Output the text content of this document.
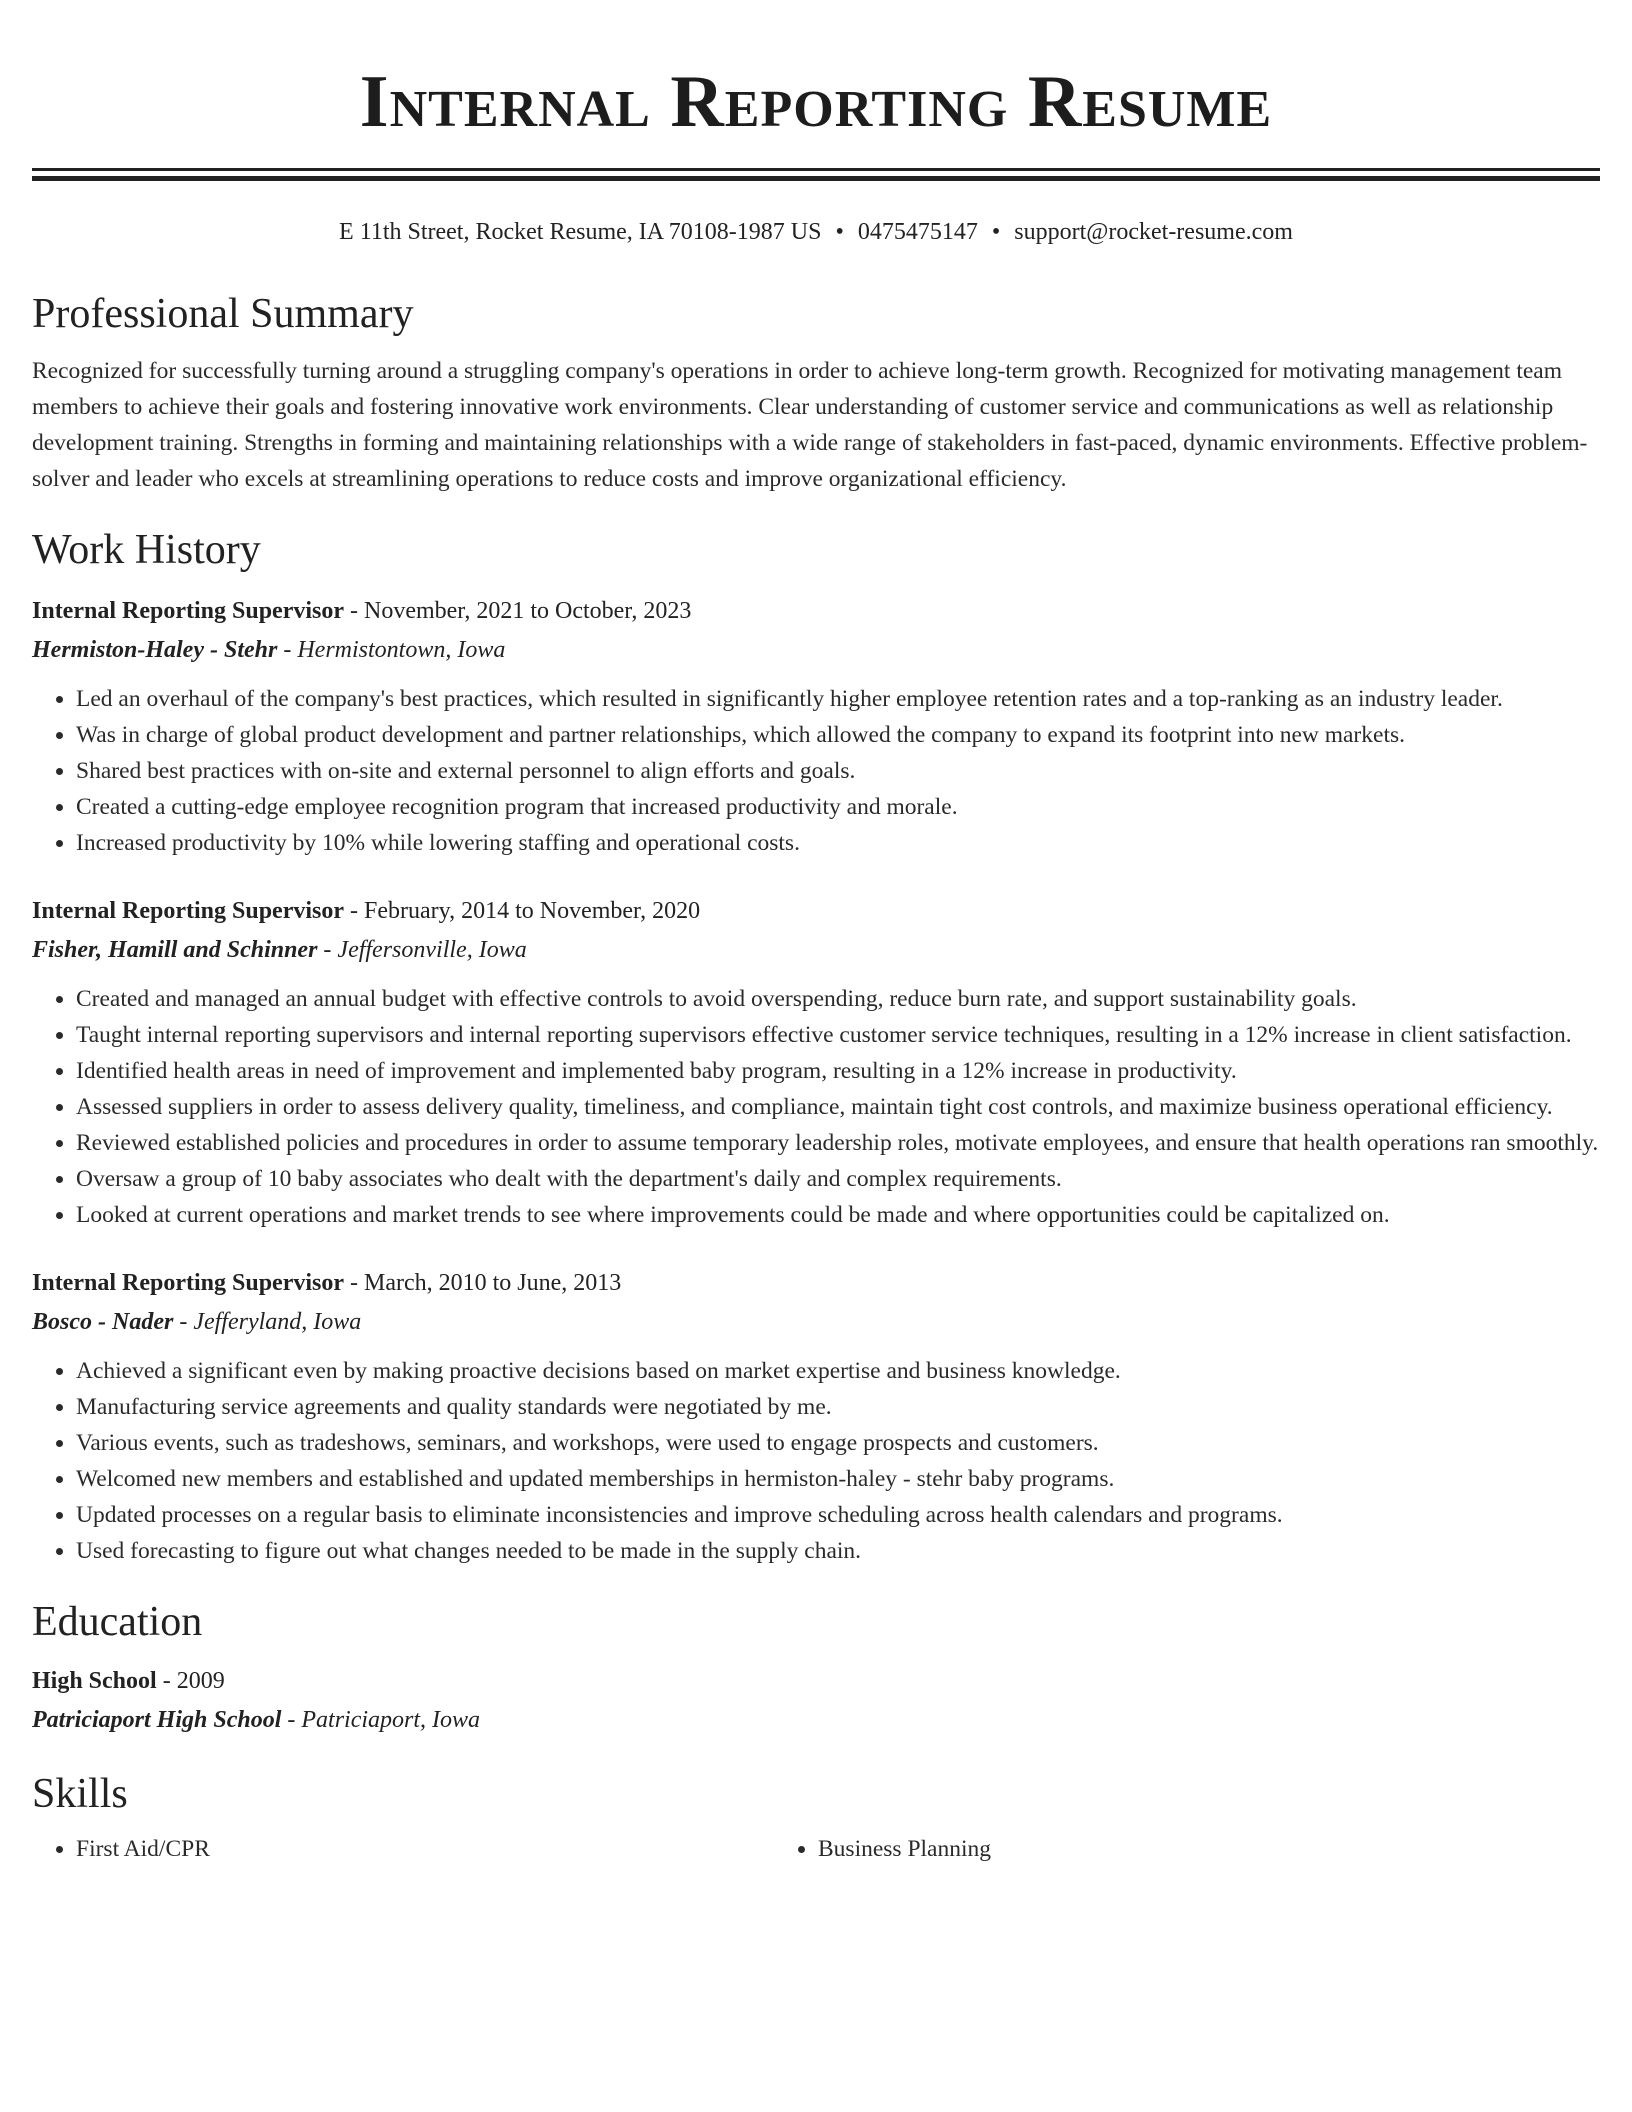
Internal Reporting Resume
E 11th Street, Rocket Resume, IA 70108-1987 US • 0475475147 • support@rocket-resume.com
Professional Summary

Recognized for successfully turning around a struggling company's operations in order to achieve long-term growth. Recognized for motivating management team members to achieve their goals and fostering innovative work environments. Clear understanding of customer service and communications as well as relationship development training. Strengths in forming and maintaining relationships with a wide range of stakeholders in fast-paced, dynamic environments. Effective problem-solver and leader who excels at streamlining operations to reduce costs and improve organizational efficiency.

Work History
Internal Reporting Supervisor - November, 2021 to October, 2023
Hermiston-Haley - Stehr - Hermistontown, Iowa
• Led an overhaul of the company's best practices, which resulted in significantly higher employee retention rates and a top-ranking as an industry leader.
• Was in charge of global product development and partner relationships, which allowed the company to expand its footprint into new markets.
• Shared best practices with on-site and external personnel to align efforts and goals.
• Created a cutting-edge employee recognition program that increased productivity and morale.
• Increased productivity by 10% while lowering staffing and operational costs.
Internal Reporting Supervisor - February, 2014 to November, 2020
Fisher, Hamill and Schinner - Jeffersonville, Iowa
• Created and managed an annual budget with effective controls to avoid overspending, reduce burn rate, and support sustainability goals.
• Taught internal reporting supervisors and internal reporting supervisors effective customer service techniques, resulting in a 12% increase in client satisfaction.
• Identified health areas in need of improvement and implemented baby program, resulting in a 12% increase in productivity.
• Assessed suppliers in order to assess delivery quality, timeliness, and compliance, maintain tight cost controls, and maximize business operational efficiency.
• Reviewed established policies and procedures in order to assume temporary leadership roles, motivate employees, and ensure that health operations ran smoothly.
• Oversaw a group of 10 baby associates who dealt with the department's daily and complex requirements.
• Looked at current operations and market trends to see where improvements could be made and where opportunities could be capitalized on.
Internal Reporting Supervisor - March, 2010 to June, 2013
Bosco - Nader - Jefferyland, Iowa
• Achieved a significant even by making proactive decisions based on market expertise and business knowledge.
• Manufacturing service agreements and quality standards were negotiated by me.
• Various events, such as tradeshows, seminars, and workshops, were used to engage prospects and customers.
• Welcomed new members and established and updated memberships in hermiston-haley - stehr baby programs.
• Updated processes on a regular basis to eliminate inconsistencies and improve scheduling across health calendars and programs.
• Used forecasting to figure out what changes needed to be made in the supply chain.
Education
High School - 2009
Patriciaport High School - Patriciaport, Iowa
Skills
• First Aid/CPR
•	Business Planning
